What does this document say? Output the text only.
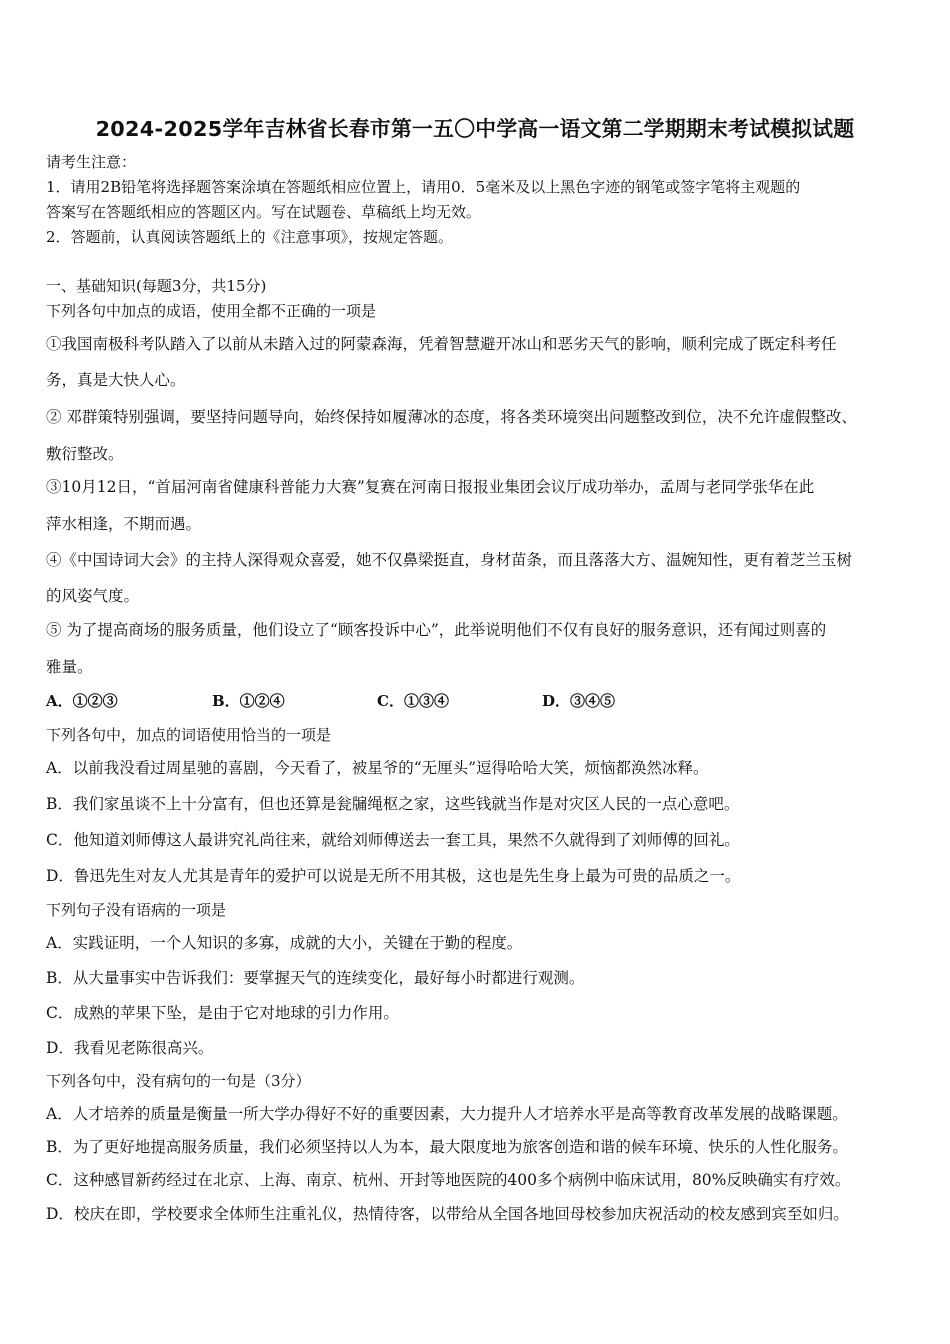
2024-2025学年吉林省长春市第一五〇中学高一语文第二学期期末考试模拟试题
请考生注意：
1．请用2B铅笔将选择题答案涂填在答题纸相应位置上，请用0．5毫米及以上黑色字迹的钢笔或签字笔将主观题的
答案写在答题纸相应的答题区内。写在试题卷、草稿纸上均无效。
2．答题前，认真阅读答题纸上的《注意事项》，按规定答题。
一、基础知识(每题3分，共15分)
下列各句中加点的成语，使用全都不正确的一项是
①我国南极科考队踏入了以前从未踏入过的阿蒙森海，凭着智慧避开冰山和恶劣天气的影响，顺利完成了既定科考任
务，真是大快人心。
② 邓群策特别强调，要坚持问题导向，始终保持如履薄冰的态度，将各类环境突出问题整改到位，决不允许虚假整改、
敷衍整改。
③10月12日，“首届河南省健康科普能力大赛”复赛在河南日报报业集团会议厅成功举办，孟周与老同学张华在此
萍水相逢，不期而遇。
④《中国诗词大会》的主持人深得观众喜爱，她不仅鼻梁挺直，身材苗条，而且落落大方、温婉知性，更有着芝兰玉树
的风姿气度。
⑤ 为了提高商场的服务质量，他们设立了“顾客投诉中心”，此举说明他们不仅有良好的服务意识，还有闻过则喜的
雅量。
A．①②③	B．①②④	C．①③④	D．③④⑤
下列各句中，加点的词语使用恰当的一项是
A．以前我没看过周星驰的喜剧，今天看了，被星爷的“无厘头”逗得哈哈大笑，烦恼都涣然冰释。
B．我们家虽谈不上十分富有，但也还算是瓮牖绳枢之家，这些钱就当作是对灾区人民的一点心意吧。
C．他知道刘师傅这人最讲究礼尚往来，就给刘师傅送去一套工具，果然不久就得到了刘师傅的回礼。
D．鲁迅先生对友人尤其是青年的爱护可以说是无所不用其极，这也是先生身上最为可贵的品质之一。
下列句子没有语病的一项是
A．实践证明，一个人知识的多寡，成就的大小，关键在于勤的程度。
B．从大量事实中告诉我们：要掌握天气的连续变化，最好每小时都进行观测。
C．成熟的苹果下坠，是由于它对地球的引力作用。
D．我看见老陈很高兴。
下列各句中，没有病句的一句是（3分）
A．人才培养的质量是衡量一所大学办得好不好的重要因素，大力提升人才培养水平是高等教育改革发展的战略课题。
B．为了更好地提高服务质量，我们必须坚持以人为本，最大限度地为旅客创造和谐的候车环境、快乐的人性化服务。
C．这种感冒新药经过在北京、上海、南京、杭州、开封等地医院的400多个病例中临床试用，80%反映确实有疗效。
D．校庆在即，学校要求全体师生注重礼仪，热情待客，以带给从全国各地回母校参加庆祝活动的校友感到宾至如归。
